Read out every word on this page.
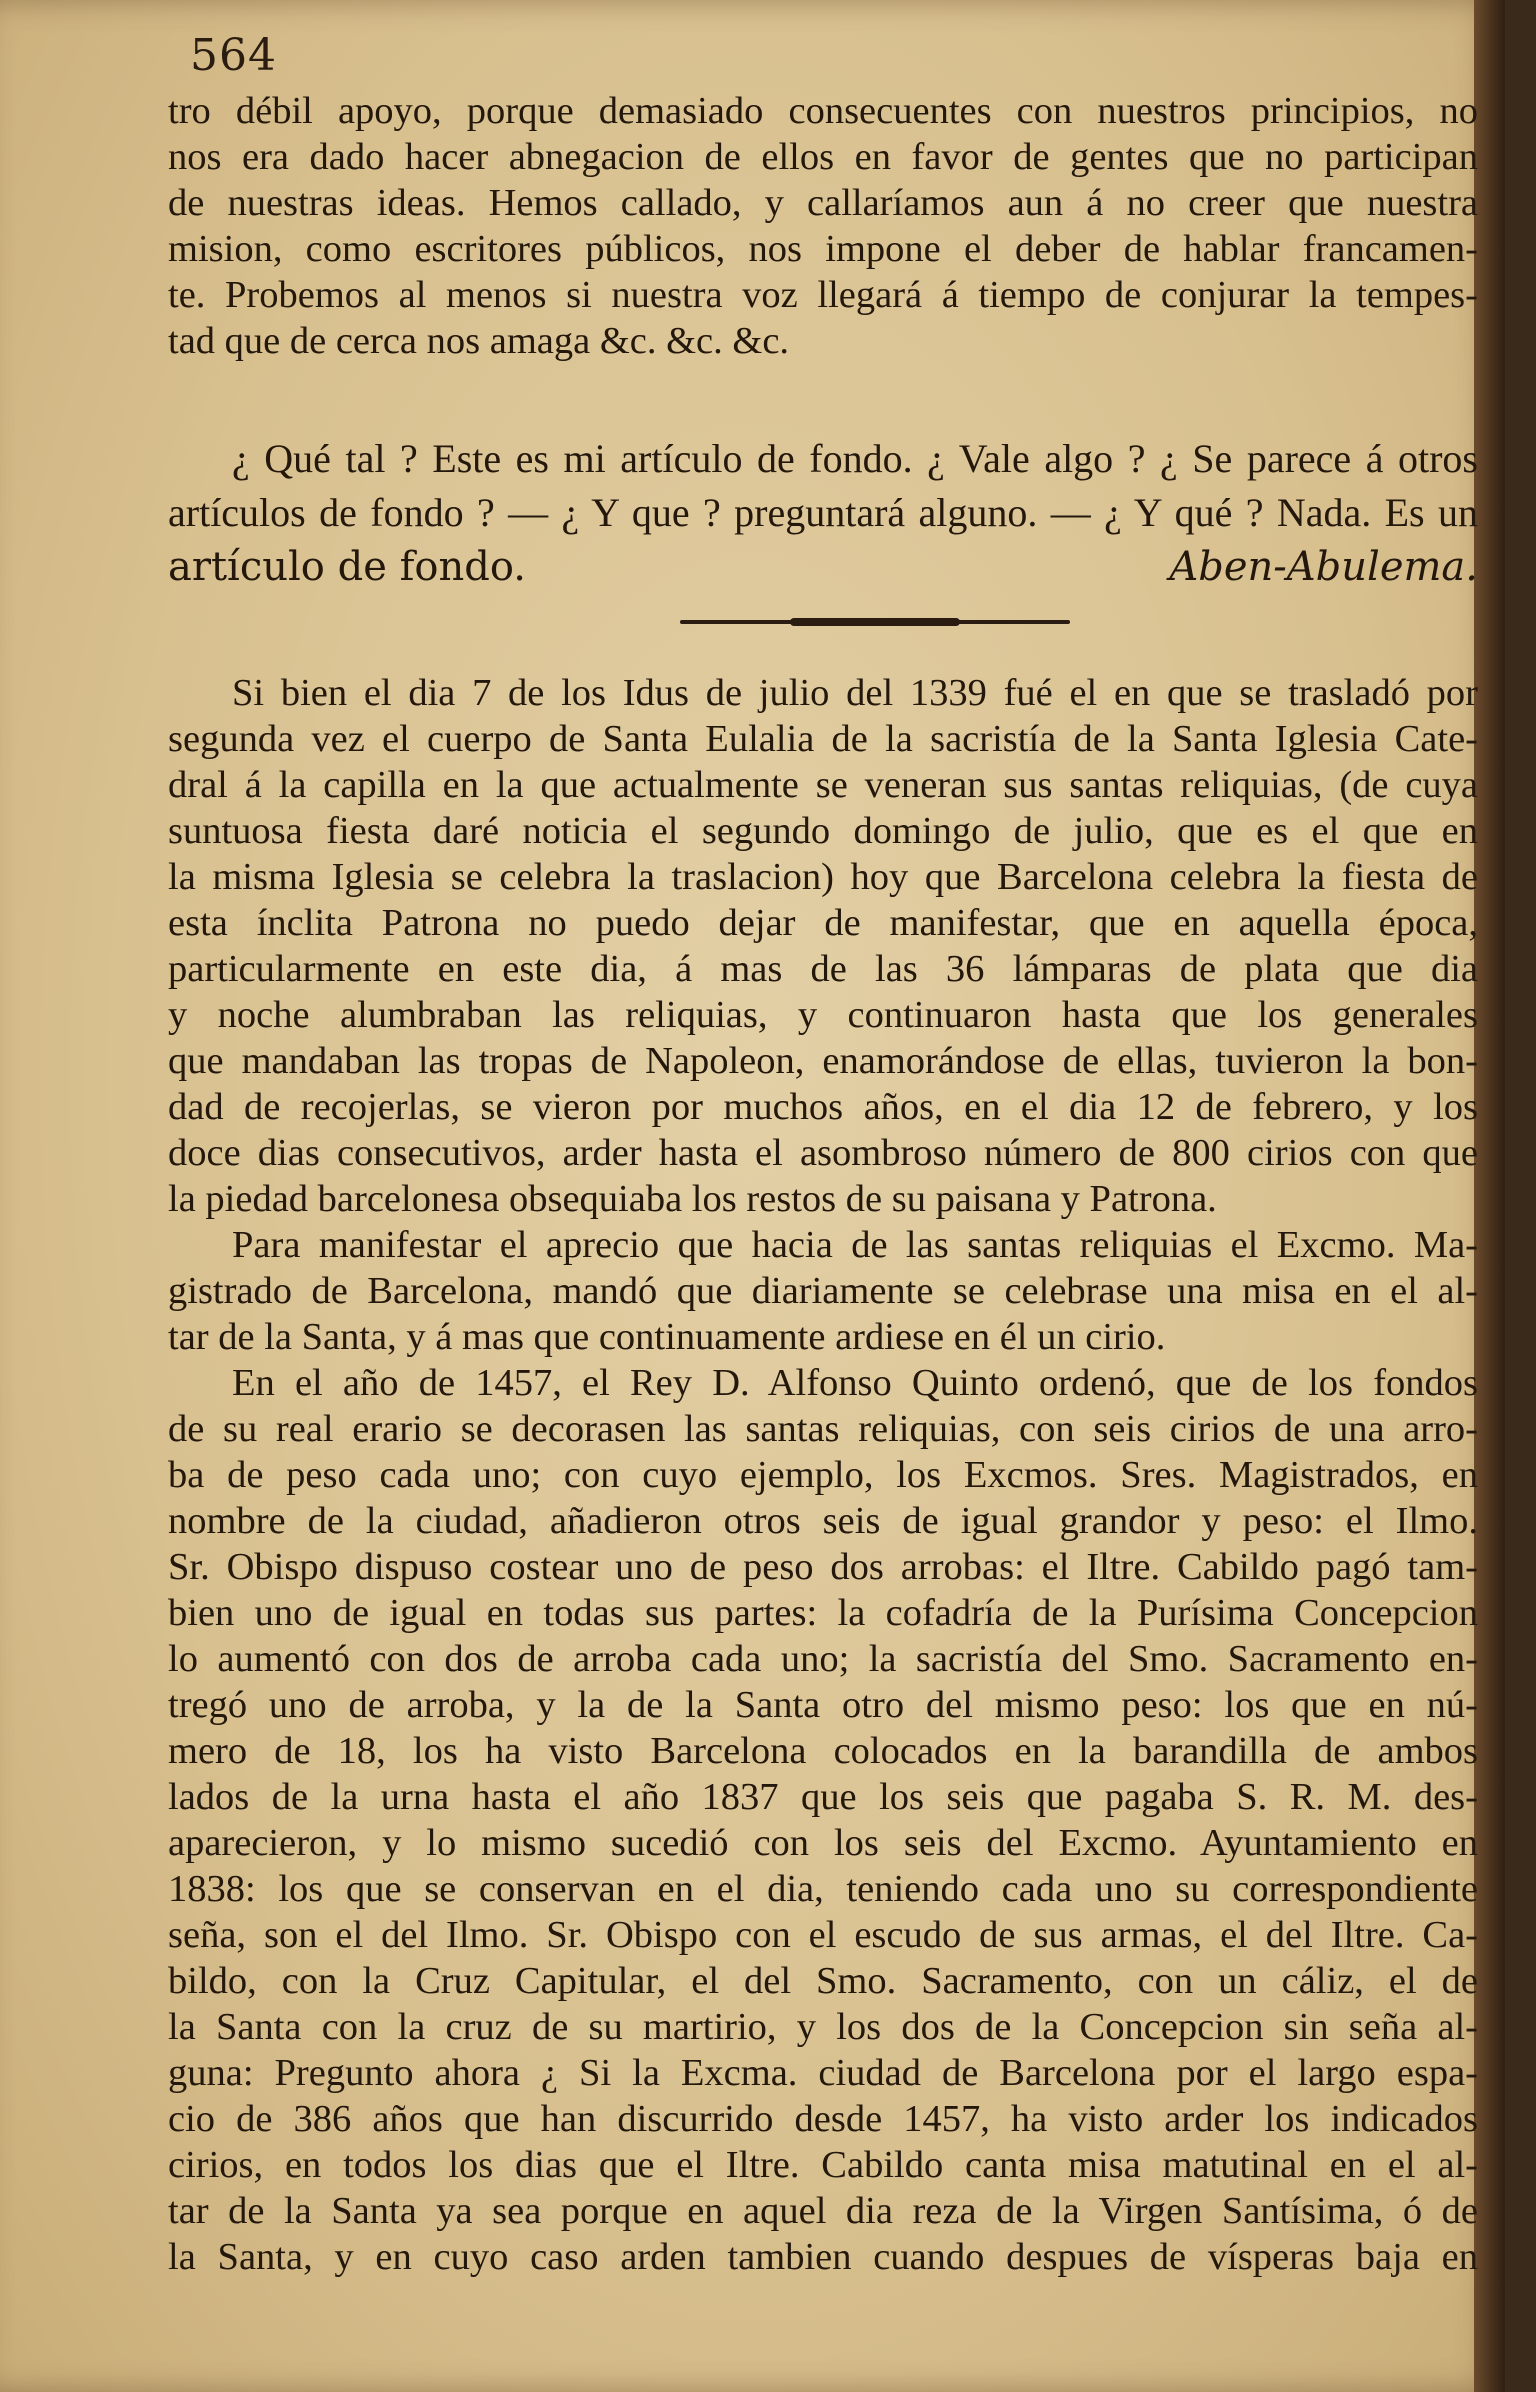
564
tro débil apoyo, porque demasiado consecuentes con nuestros principios, no
nos era dado hacer abnegacion de ellos en favor de gentes que no participan
de nuestras ideas. Hemos callado, y callaríamos aun á no creer que nuestra
mision, como escritores públicos, nos impone el deber de hablar francamen-
te. Probemos al menos si nuestra voz llegará á tiempo de conjurar la tempes-
tad que de cerca nos amaga &c. &c. &c.
¿ Qué tal ? Este es mi artículo de fondo. ¿ Vale algo ? ¿ Se parece á otros
artículos de fondo ? — ¿ Y que ? preguntará alguno. — ¿ Y qué ? Nada. Es un
artículo de fondo.	Aben-Abulema.
Si bien el dia 7 de los Idus de julio del 1339 fué el en que se trasladó por
segunda vez el cuerpo de Santa Eulalia de la sacristía de la Santa Iglesia Cate-
dral á la capilla en la que actualmente se veneran sus santas reliquias, (de cuya
suntuosa fiesta daré noticia el segundo domingo de julio, que es el que en
la misma Iglesia se celebra la traslacion) hoy que Barcelona celebra la fiesta de
esta ínclita Patrona no puedo dejar de manifestar, que en aquella época,
particularmente en este dia, á mas de las 36 lámparas de plata que dia
y noche alumbraban las reliquias, y continuaron hasta que los generales
que mandaban las tropas de Napoleon, enamorándose de ellas, tuvieron la bon-
dad de recojerlas, se vieron por muchos años, en el dia 12 de febrero, y los
doce dias consecutivos, arder hasta el asombroso número de 800 cirios con que
la piedad barcelonesa obsequiaba los restos de su paisana y Patrona.
Para manifestar el aprecio que hacia de las santas reliquias el Excmo. Ma-
gistrado de Barcelona, mandó que diariamente se celebrase una misa en el al-
tar de la Santa, y á mas que continuamente ardiese en él un cirio.
En el año de 1457, el Rey D. Alfonso Quinto ordenó, que de los fondos
de su real erario se decorasen las santas reliquias, con seis cirios de una arro-
ba de peso cada uno; con cuyo ejemplo, los Excmos. Sres. Magistrados, en
nombre de la ciudad, añadieron otros seis de igual grandor y peso: el Ilmo.
Sr. Obispo dispuso costear uno de peso dos arrobas: el Iltre. Cabildo pagó tam-
bien uno de igual en todas sus partes: la cofadría de la Purísima Concepcion
lo aumentó con dos de arroba cada uno; la sacristía del Smo. Sacramento en-
tregó uno de arroba, y la de la Santa otro del mismo peso: los que en nú-
mero de 18, los ha visto Barcelona colocados en la barandilla de ambos
lados de la urna hasta el año 1837 que los seis que pagaba S. R. M. des-
aparecieron, y lo mismo sucedió con los seis del Excmo. Ayuntamiento en
1838: los que se conservan en el dia, teniendo cada uno su correspondiente
seña, son el del Ilmo. Sr. Obispo con el escudo de sus armas, el del Iltre. Ca-
bildo, con la Cruz Capitular, el del Smo. Sacramento, con un cáliz, el de
la Santa con la cruz de su martirio, y los dos de la Concepcion sin seña al-
guna: Pregunto ahora ¿ Si la Excma. ciudad de Barcelona por el largo espa-
cio de 386 años que han discurrido desde 1457, ha visto arder los indicados
cirios, en todos los dias que el Iltre. Cabildo canta misa matutinal en el al-
tar de la Santa ya sea porque en aquel dia reza de la Virgen Santísima, ó de
la Santa, y en cuyo caso arden tambien cuando despues de vísperas baja en
